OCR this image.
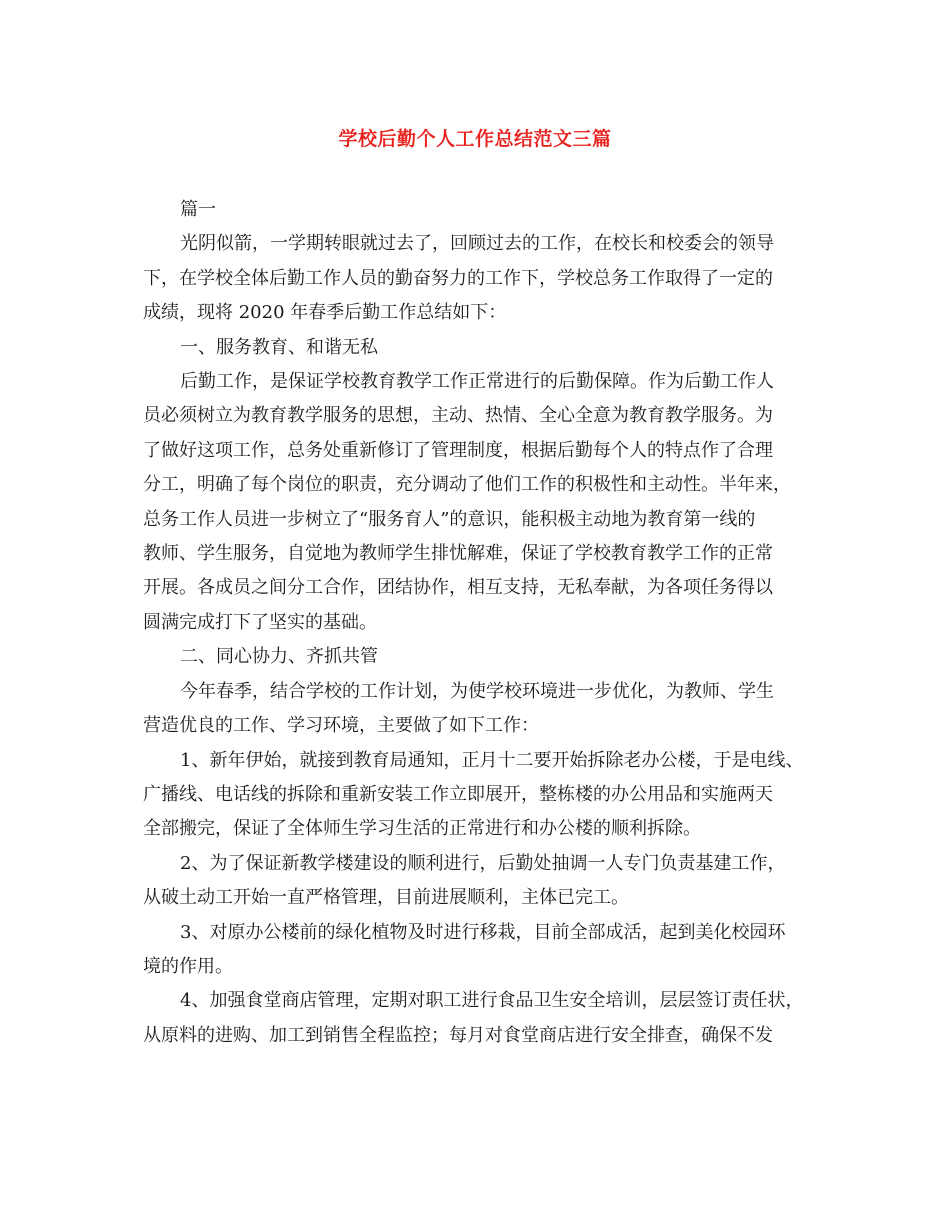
学校后勤个人工作总结范文三篇
篇一
光阴似箭，一学期转眼就过去了，回顾过去的工作，在校长和校委会的领导
下，在学校全体后勤工作人员的勤奋努力的工作下，学校总务工作取得了一定的
成绩，现将 2020 年春季后勤工作总结如下：
一、服务教育、和谐无私
后勤工作，是保证学校教育教学工作正常进行的后勤保障。作为后勤工作人
员必须树立为教育教学服务的思想，主动、热情、全心全意为教育教学服务。为
了做好这项工作，总务处重新修订了管理制度，根据后勤每个人的特点作了合理
分工，明确了每个岗位的职责，充分调动了他们工作的积极性和主动性。半年来，
总务工作人员进一步树立了“服务育人”的意识，能积极主动地为教育第一线的
教师、学生服务，自觉地为教师学生排忧解难，保证了学校教育教学工作的正常
开展。各成员之间分工合作，团结协作，相互支持，无私奉献，为各项任务得以
圆满完成打下了坚实的基础。
二、同心协力、齐抓共管
今年春季，结合学校的工作计划，为使学校环境进一步优化，为教师、学生
营造优良的工作、学习环境，主要做了如下工作：
1、新年伊始，就接到教育局通知，正月十二要开始拆除老办公楼，于是电线、
广播线、电话线的拆除和重新安装工作立即展开，整栋楼的办公用品和实施两天
全部搬完，保证了全体师生学习生活的正常进行和办公楼的顺利拆除。
2、为了保证新教学楼建设的顺利进行，后勤处抽调一人专门负责基建工作，
从破土动工开始一直严格管理，目前进展顺利，主体已完工。
3、对原办公楼前的绿化植物及时进行移栽，目前全部成活，起到美化校园环
境的作用。
4、加强食堂商店管理，定期对职工进行食品卫生安全培训，层层签订责任状，
从原料的进购、加工到销售全程监控；每月对食堂商店进行安全排查，确保不发
